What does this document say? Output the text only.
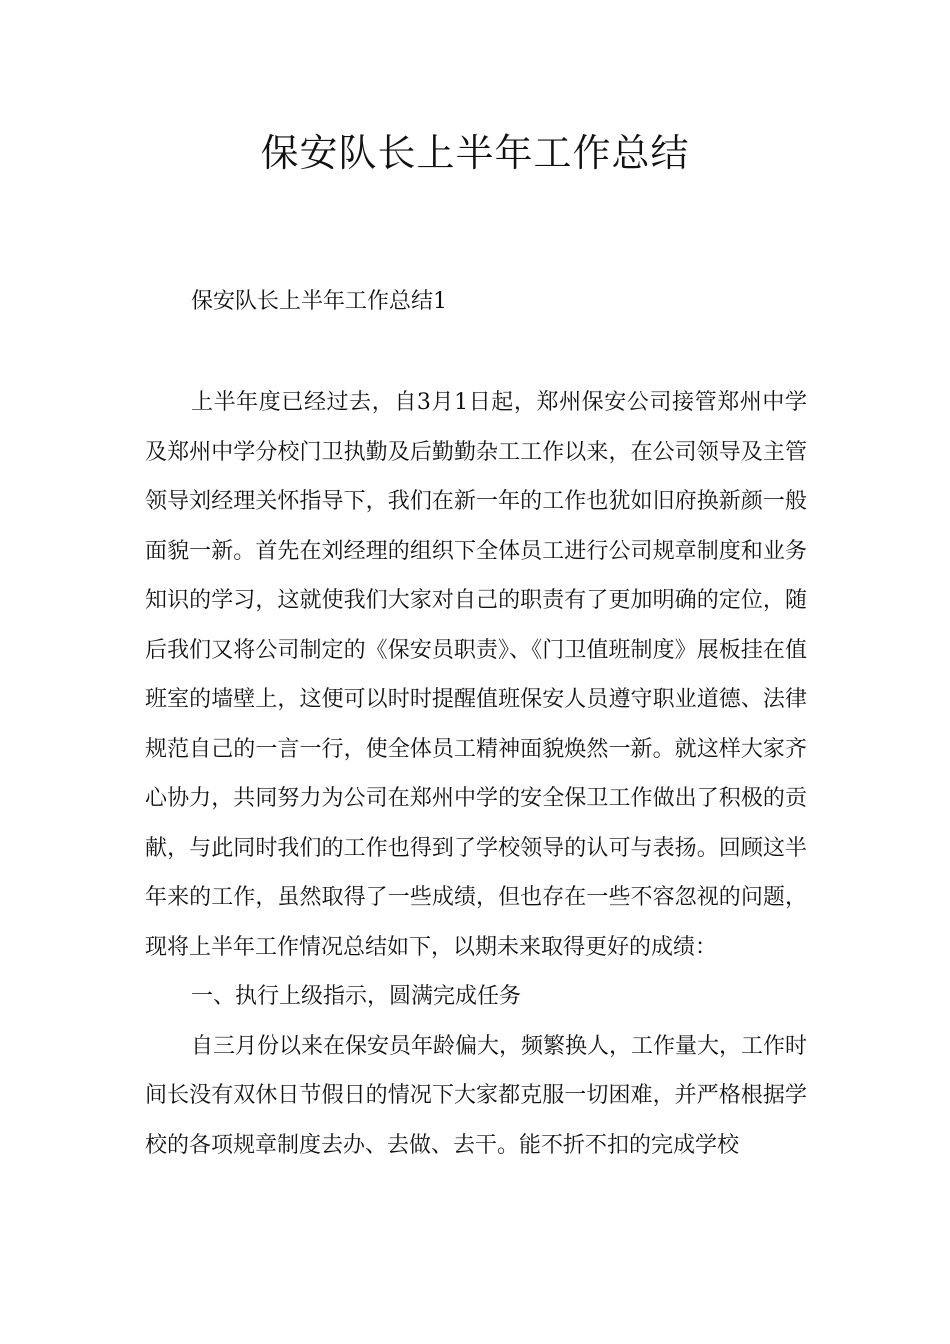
保安队长上半年工作总结
保安队长上半年工作总结1

上半年度已经过去，自3月1日起，郑州保安公司接管郑州中学及郑州中学分校门卫执勤及后勤勤杂工工作以来，在公司领导及主管领导刘经理关怀指导下，我们在新一年的工作也犹如旧府换新颜一般面貌一新。首先在刘经理的组织下全体员工进行公司规章制度和业务知识的学习，这就使我们大家对自己的职责有了更加明确的定位，随后我们又将公司制定的《保安员职责》、《门卫值班制度》展板挂在值班室的墙壁上，这便可以时时提醒值班保安人员遵守职业道德、法律规范自己的一言一行，使全体员工精神面貌焕然一新。就这样大家齐心协力，共同努力为公司在郑州中学的安全保卫工作做出了积极的贡献，与此同时我们的工作也得到了学校领导的认可与表扬。回顾这半年来的工作，虽然取得了一些成绩，但也存在一些不容忽视的问题，现将上半年工作情况总结如下，以期未来取得更好的成绩：

一、执行上级指示，圆满完成任务

自三月份以来在保安员年龄偏大，频繁换人，工作量大，工作时间长没有双休日节假日的情况下大家都克服一切困难，并严格根据学校的各项规章制度去办、去做、去干。能不折不扣的完成学校
